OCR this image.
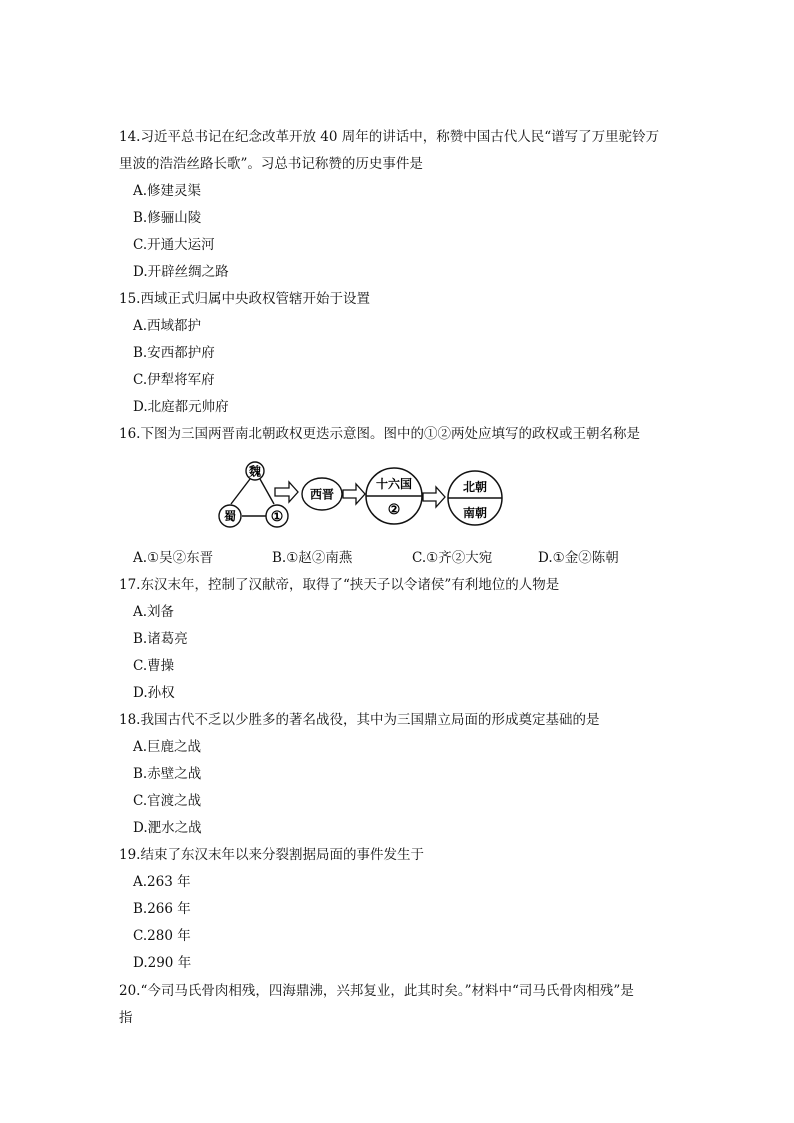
14.习近平总书记在纪念改革开放 40 周年的讲话中，称赞中国古代人民“谱写了万里驼铃万
里波的浩浩丝路长歌”。习总书记称赞的历史事件是
A.修建灵渠
B.修骊山陵
C.开通大运河
D.开辟丝绸之路
15.西域正式归属中央政权管辖开始于设置
A.西域都护
B.安西都护府
C.伊犁将军府
D.北庭都元帅府
16.下图为三国两晋南北朝政权更迭示意图。图中的①②两处应填写的政权或王朝名称是
魏
蜀 ①
西晋
十六国
②
北朝
南朝
A.①吴②东晋	B.①赵②南燕	C.①齐②大宛	D.①金②陈朝
17.东汉末年，控制了汉献帝，取得了“挟天子以令诸侯”有利地位的人物是
A.刘备
B.诸葛亮
C.曹操
D.孙权
18.我国古代不乏以少胜多的著名战役，其中为三国鼎立局面的形成奠定基础的是
A.巨鹿之战
B.赤壁之战
C.官渡之战
D.淝水之战
19.结束了东汉末年以来分裂割据局面的事件发生于
A.263 年
B.266 年
C.280 年
D.290 年
20.“今司马氏骨肉相残，四海鼎沸，兴邦复业，此其时矣。”材料中“司马氏骨肉相残”是
指
